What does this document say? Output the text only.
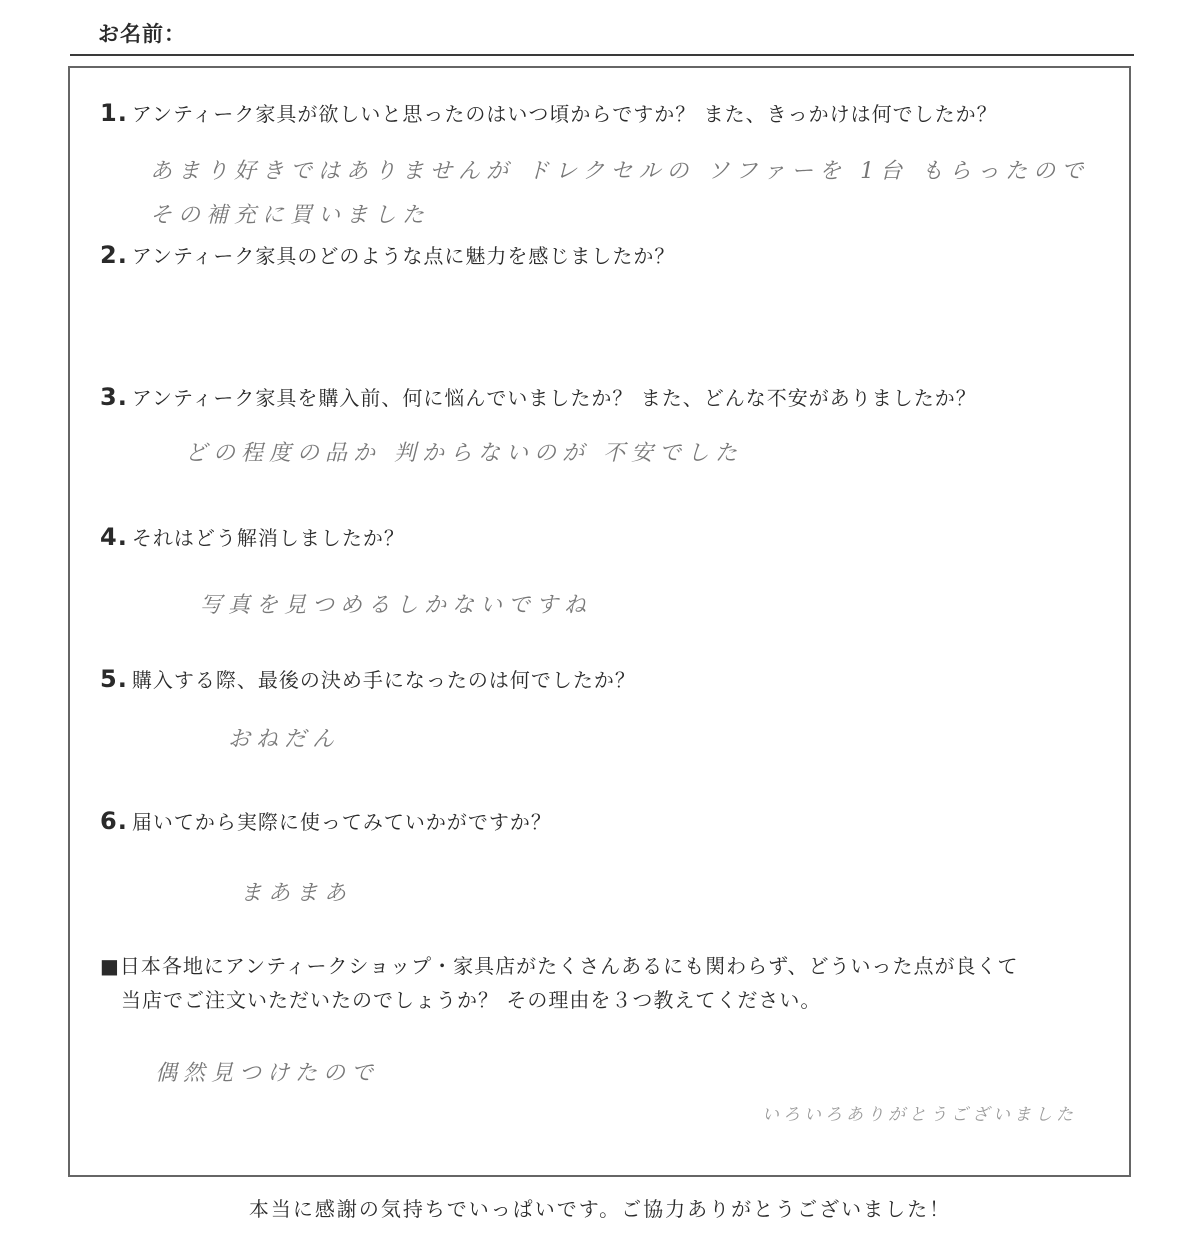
お名前：
1. アンティーク家具が欲しいと思ったのはいつ頃からですか？ また、きっかけは何でしたか？
あまり好きではありませんが ドレクセルの ソファーを 1台 もらったので
その補充に買いました
2. アンティーク家具のどのような点に魅力を感じましたか？
3. アンティーク家具を購入前、何に悩んでいましたか？ また、どんな不安がありましたか？
どの程度の品か 判からないのが 不安でした
4. それはどう解消しましたか？
写真を見つめるしかないですね
5. 購入する際、最後の決め手になったのは何でしたか？
おねだん
6. 届いてから実際に使ってみていかがですか？
まあまあ
■日本各地にアンティークショップ・家具店がたくさんあるにも関わらず、どういった点が良くて
当店でご注文いただいたのでしょうか？ その理由を３つ教えてください。
偶然見つけたので
いろいろありがとうございました
本当に感謝の気持ちでいっぱいです。ご協力ありがとうございました！
